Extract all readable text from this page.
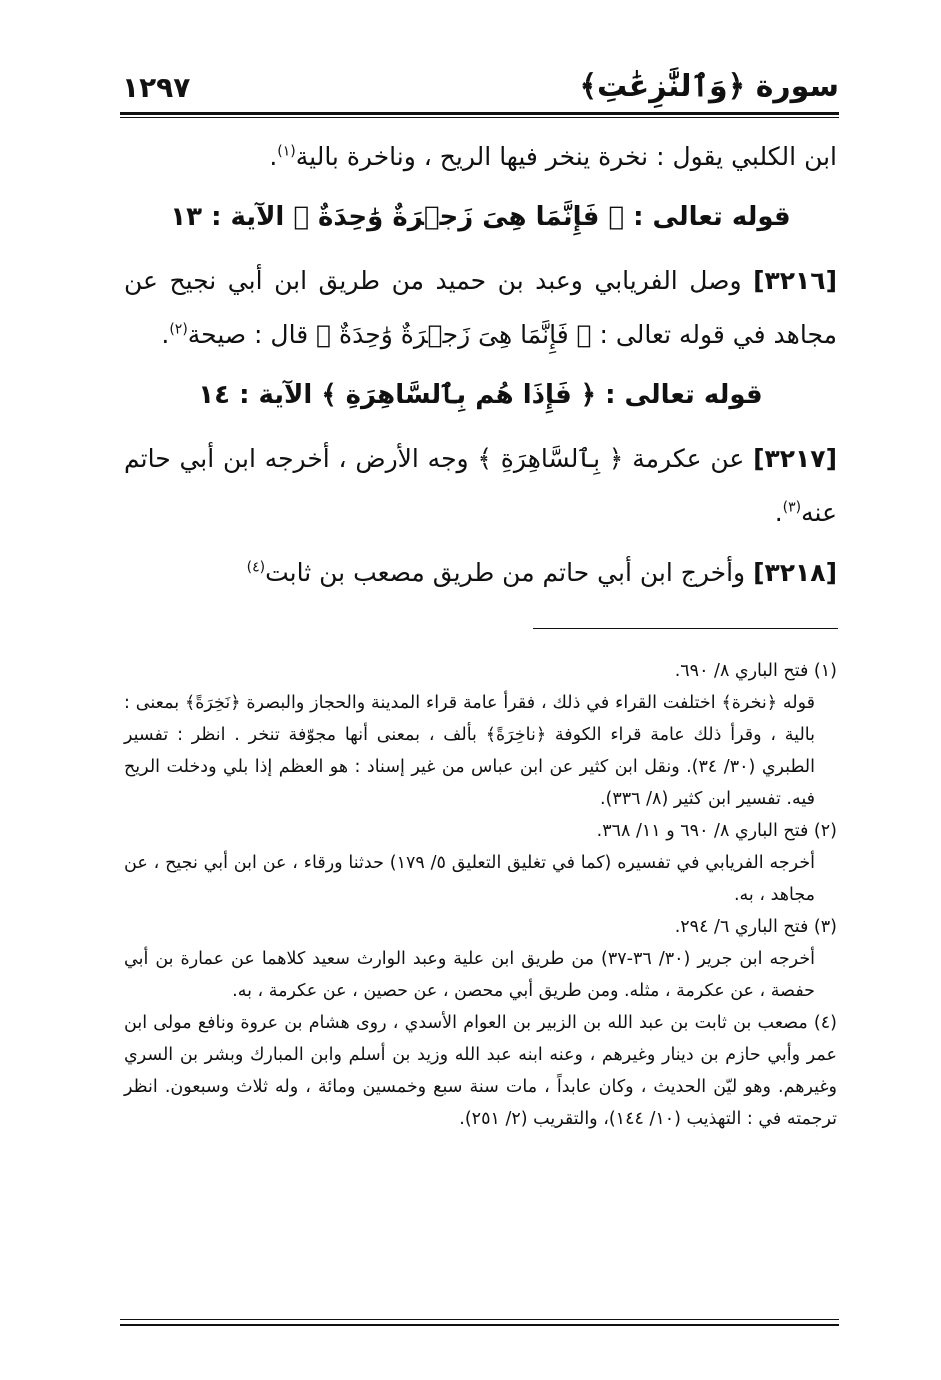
١٢٩٧	سورة ﴿وَٱلنَّٰزِعَٰتِ﴾

ابن الكلبي يقول : نخرة ينخر فيها الريح ، وناخرة بالية$^{(١)}$.

قوله تعالى : ﴿ فَإِنَّمَا هِىَ زَجۡرَةٌ وَٰحِدَةٌ ﴾ الآية : ١٣

[٣٢١٦] وصل الفريابي وعبد بن حميد من طريق ابن أبي نجيح عن مجاهد في قوله تعالى : ﴿ فَإِنَّمَا هِىَ زَجۡرَةٌ وَٰحِدَةٌ ﴾ قال : صيحة$^{(٢)}$.

قوله تعالى : ﴿ فَإِذَا هُم بِٱلسَّاهِرَةِ ﴾ الآية : ١٤

[٣٢١٧] عن عكرمة ﴿ بِٱلسَّاهِرَةِ ﴾ وجه الأرض ، أخرجه ابن أبي حاتم عنه$^{(٣)}$.

[٣٢١٨] وأخرج ابن أبي حاتم من طريق مصعب بن ثابت$^{(٤)}$

(١) فتح الباري ٨/ ٦٩٠.

قوله ﴿نخرة﴾ اختلفت القراء في ذلك ، فقرأ عامة قراء المدينة والحجاز والبصرة ﴿نَخِرَةً﴾ بمعنى : بالية ، وقرأ ذلك عامة قراء الكوفة ﴿ناخِرَةً﴾ بألف ، بمعنى أنها مجوّفة تنخر . انظر : تفسير الطبري (٣٠/ ٣٤). ونقل ابن كثير عن ابن عباس من غير إسناد : هو العظم إذا بلي ودخلت الريح فيه. تفسير ابن كثير (٨/ ٣٣٦).

(٢) فتح الباري ٨/ ٦٩٠ و ١١/ ٣٦٨.

أخرجه الفريابي في تفسيره (كما في تغليق التعليق ٥/ ١٧٩) حدثنا ورقاء ، عن ابن أبي نجيح ، عن مجاهد ، به.

(٣) فتح الباري ٦/ ٢٩٤.

أخرجه ابن جرير (٣٠/ ٣٦-٣٧) من طريق ابن علية وعبد الوارث سعيد كلاهما عن عمارة بن أبي حفصة ، عن عكرمة ، مثله. ومن طريق أبي محصن ، عن حصين ، عن عكرمة ، به.

(٤) مصعب بن ثابت بن عبد الله بن الزبير بن العوام الأسدي ، روى هشام بن عروة ونافع مولى ابن عمر وأبي حازم بن دينار وغيرهم ، وعنه ابنه عبد الله وزيد بن أسلم وابن المبارك وبشر بن السري وغيرهم. وهو ليّن الحديث ، وكان عابداً ، مات سنة سبع وخمسين ومائة ، وله ثلاث وسبعون. انظر ترجمته في : التهذيب (١٠/ ١٤٤)، والتقريب (٢/ ٢٥١).
